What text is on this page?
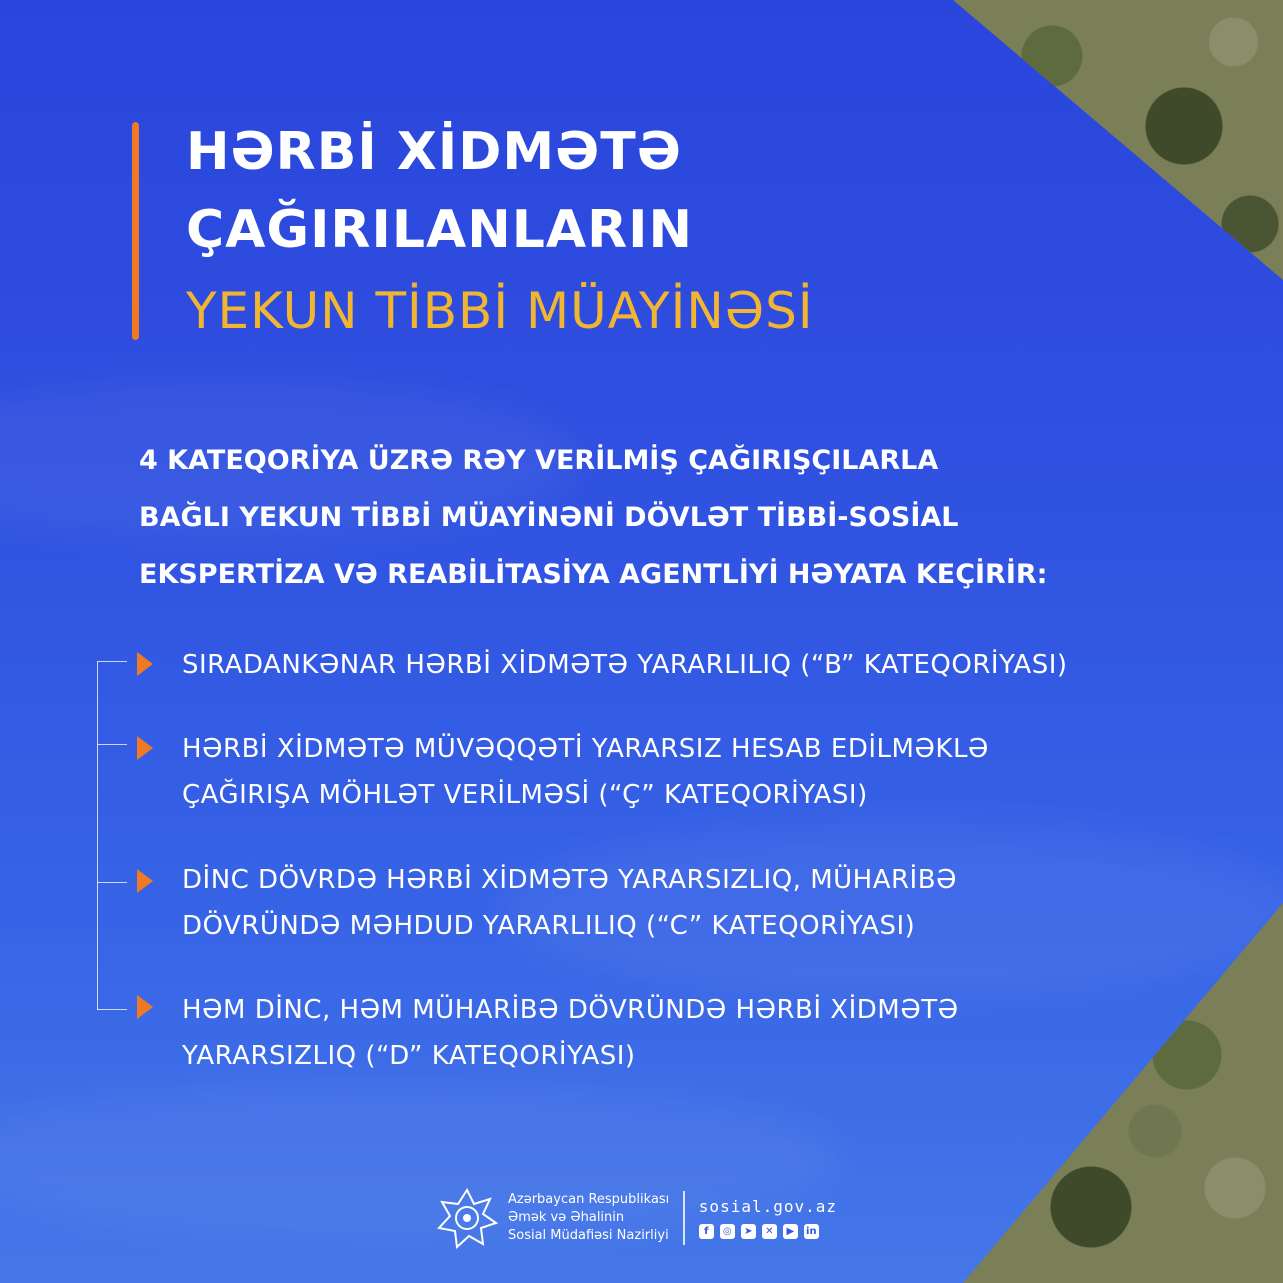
HƏRBİ XİDMƏTƏ
ÇAĞIRILANLARIN
YEKUN TİBBİ MÜAYİNƏSİ

4 KATEQORİYA ÜZRƏ RƏY VERİLMİŞ ÇAĞIRIŞÇILARLA
BAĞLI YEKUN TİBBİ MÜAYİNƏNİ DÖVLƏT TİBBİ-SOSİAL
EKSPERTİZA VƏ REABİLİTASİYA AGENTLİYİ HƏYATA KEÇİRİR:

SIRADANKƏNAR HƏRBİ XİDMƏTƏ YARARLILIQ (“B” KATEQORİYASI)
HƏRBİ XİDMƏTƏ MÜVƏQQƏTİ YARARSIZ HESAB EDİLMƏKLƏ
ÇAĞIRIŞA MÖHLƏT VERİLMƏSİ (“Ç” KATEQORİYASI)
DİNC DÖVRDƏ HƏRBİ XİDMƏTƏ YARARSIZLIQ, MÜHARİBƏ
DÖVRÜNDƏ MƏHDUD YARARLILIQ (“C” KATEQORİYASI)
HƏM DİNC, HƏM MÜHARİBƏ DÖVRÜNDƏ HƏRBİ XİDMƏTƏ
YARARSIZLIQ (“D” KATEQORİYASI)
Azərbaycan Respublikası
Əmək və Əhalinin
Sosial Müdafiəsi Nazirliyi
sosial.gov.az
f	◎	➤	✕	▶	in
